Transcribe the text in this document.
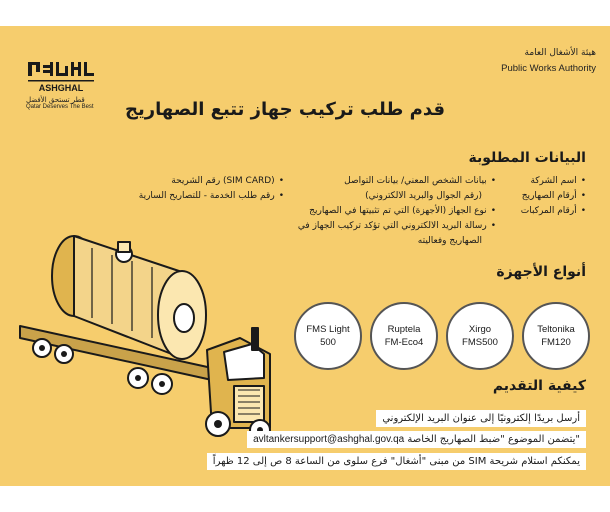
هيئة الأشغال العامة
Public Works Authority
ASHGHAL
قطر تستحق الأفضل
Qatar Deserves The Best	قدم طلب تركيب جهاز تتبع الصهاريج
البيانات المطلوبة
• اسم الشركة
• أرقام الصهاريج
• أرقام المركبات
• بيانات الشخص المعني/ بيانات التواصل
(رقم الجوال والبريد الالكتروني)
• نوع الجهاز (الأجهزة) التي تم تثبيتها في الصهاريج
• رسالة البريد الالكتروني التي تؤكد تركيب الجهاز في
الصهاريج وفعاليته
• (SIM CARD) رقم الشريحة
• رقم طلب الخدمة - للتصاريح السارية
أنواع الأجهزة
Teltonika
FM120
Xirgo
FMS500
Ruptela
FM-Eco4
FMS Light
500
كيفية التقديم
أرسل بريدًا إلكترونيًا إلى عنوان البريد الإلكتروني
"يتضمن الموضوع "ضبط الصهاريج الخاصة avltankersupport@ashghal.gov.qa
يمكنكم استلام شريحة SIM من مبنى "أشغال" فرع سلوى من الساعة 8 ص إلى 12 ظهراً
